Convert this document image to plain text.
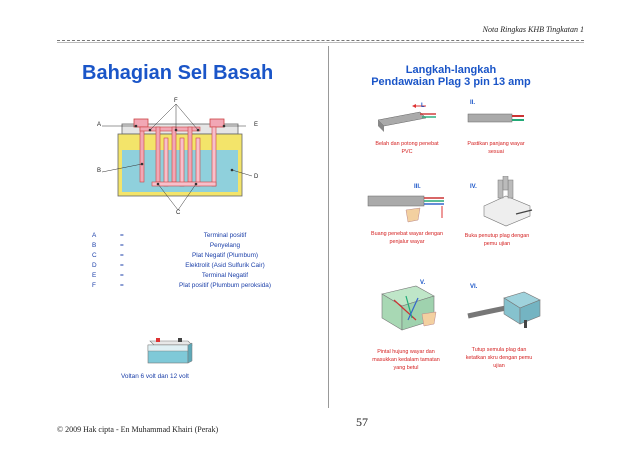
Nota Ringkas KHB Tingkatan 1
Bahagian Sel Basah
A	E
F
B
D
C
A	=	Terminal positif
B	=	Penyelang
C	=	Plat Negatif (Plumbum)
D	=	Elektrolit (Asid Sulfurik Cair)
E	=	Terminal Negatif
F	=	Plat positif (Plumbum peroksida)
Voltan 6 volt dan 12 volt
Langkah-langkah
Pendawaian Plag 3 pin 13 amp
L	II.
Belah dan potong penebat PVC
Pastikan panjang wayar sesuai
III.
Buang penebat wayar dengan penjalur wayar
IV.
Buka penutup plag dengan pemu ujian
V.
Pintal hujung wayar dan masukkan kedalam tamatan yang betul
VI.
Tutup semula plag dan ketatkan skru dengan pemu ujian
© 2009 Hak cipta - En Muhammad Khairi (Perak)
57
